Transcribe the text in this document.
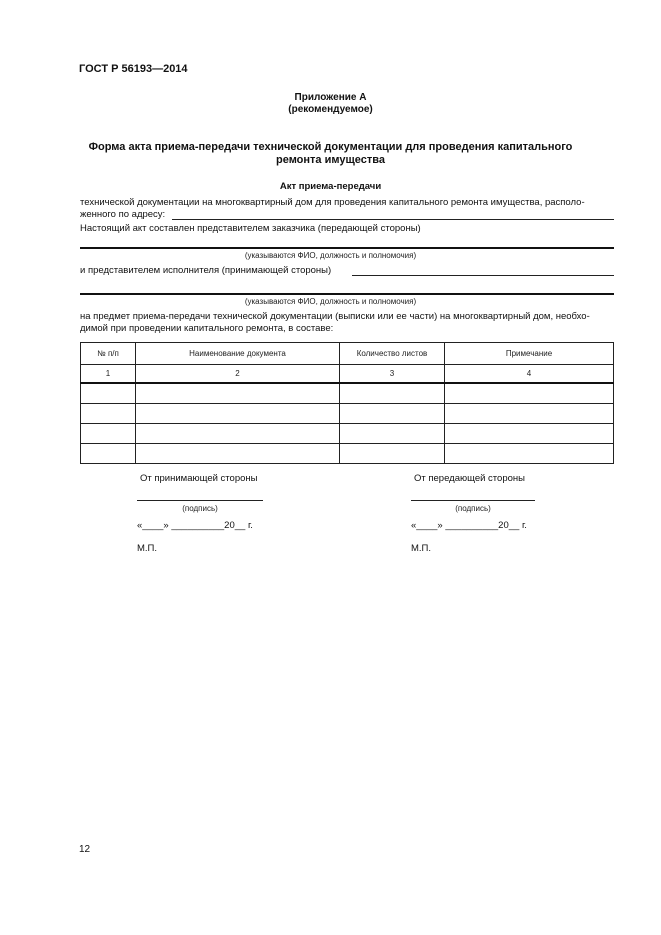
ГОСТ Р 56193—2014
Приложение А
(рекомендуемое)
Форма акта приема-передачи технической документации для проведения капитального
ремонта имущества
Акт приема-передачи
технической документации на многоквартирный дом для проведения капитального ремонта имущества, располо-
женного по адресу:
Настоящий акт составлен представителем заказчика (передающей стороны)
(указываются ФИО, должность и полномочия)
и представителем исполнителя (принимающей стороны)
(указываются ФИО, должность и полномочия)
на предмет приема-передачи технической документации (выписки или ее части) на многоквартирный дом, необхо-
димой при проведении капитального ремонта, в составе:
№ п/п	Наименование документа	Количество листов	Примечание
1	2	3	4

От принимающей стороны
(подпись)
«____» __________20__ г.
М.П.
От передающей стороны
(подпись)
«____» __________20__ г.
М.П.
12
